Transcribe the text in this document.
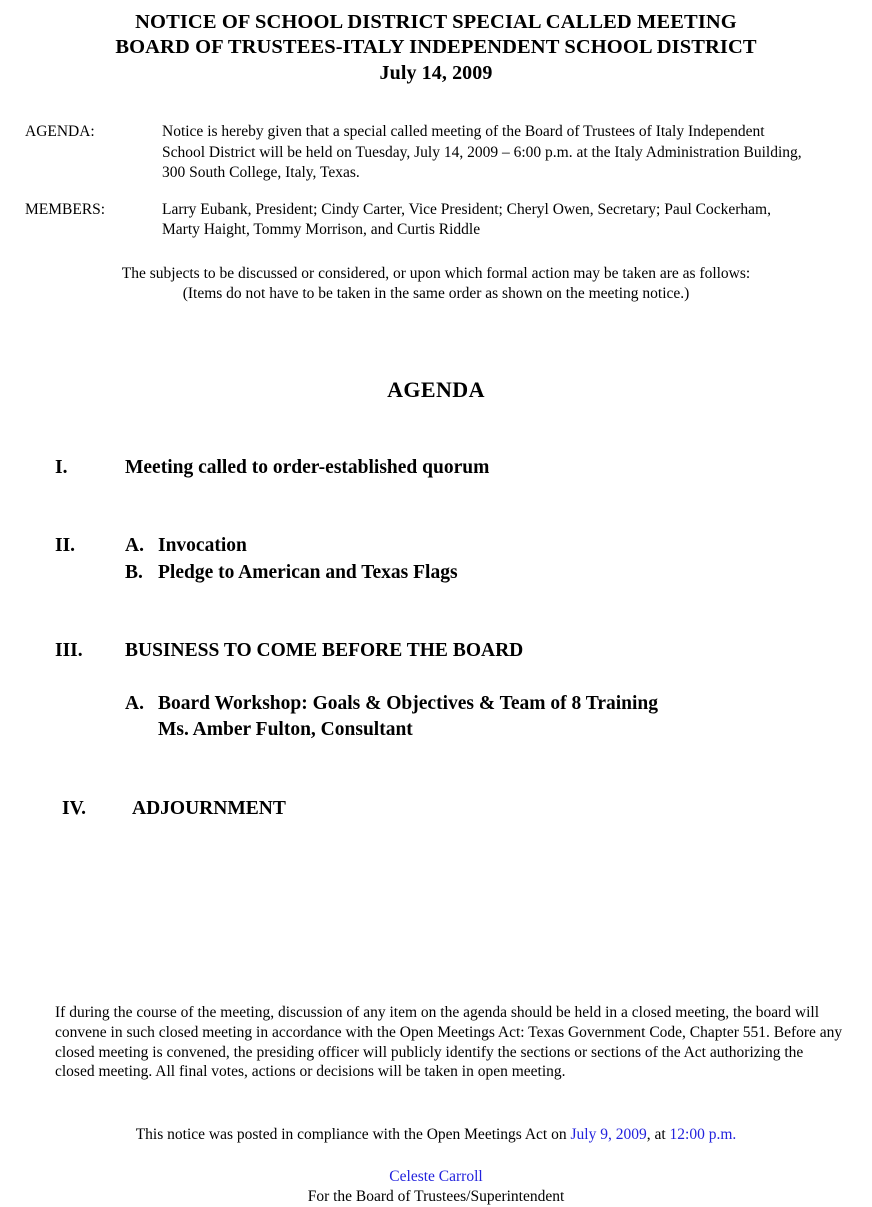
NOTICE OF SCHOOL DISTRICT SPECIAL CALLED MEETING
BOARD OF TRUSTEES-ITALY INDEPENDENT SCHOOL DISTRICT
July 14, 2009
AGENDA:	Notice is hereby given that a special called meeting of the Board of Trustees of Italy Independent School District will be held on Tuesday, July 14, 2009 – 6:00 p.m. at the Italy Administration Building, 300 South College, Italy, Texas.
MEMBERS:	Larry Eubank, President; Cindy Carter, Vice President; Cheryl Owen, Secretary; Paul Cockerham, Marty Haight, Tommy Morrison, and Curtis Riddle
The subjects to be discussed or considered, or upon which formal action may be taken are as follows:
(Items do not have to be taken in the same order as shown on the meeting notice.)
AGENDA
I.	Meeting called to order-established quorum
II.	A. Invocation
B. Pledge to American and Texas Flags
III.	BUSINESS TO COME BEFORE THE BOARD
A. Board Workshop: Goals & Objectives & Team of 8 Training
Ms. Amber Fulton, Consultant
IV.	ADJOURNMENT
If during the course of the meeting, discussion of any item on the agenda should be held in a closed meeting, the board will convene in such closed meeting in accordance with the Open Meetings Act: Texas Government Code, Chapter 551. Before any closed meeting is convened, the presiding officer will publicly identify the sections or sections of the Act authorizing the closed meeting. All final votes, actions or decisions will be taken in open meeting.
This notice was posted in compliance with the Open Meetings Act on July 9, 2009, at 12:00 p.m.
Celeste Carroll
For the Board of Trustees/Superintendent
